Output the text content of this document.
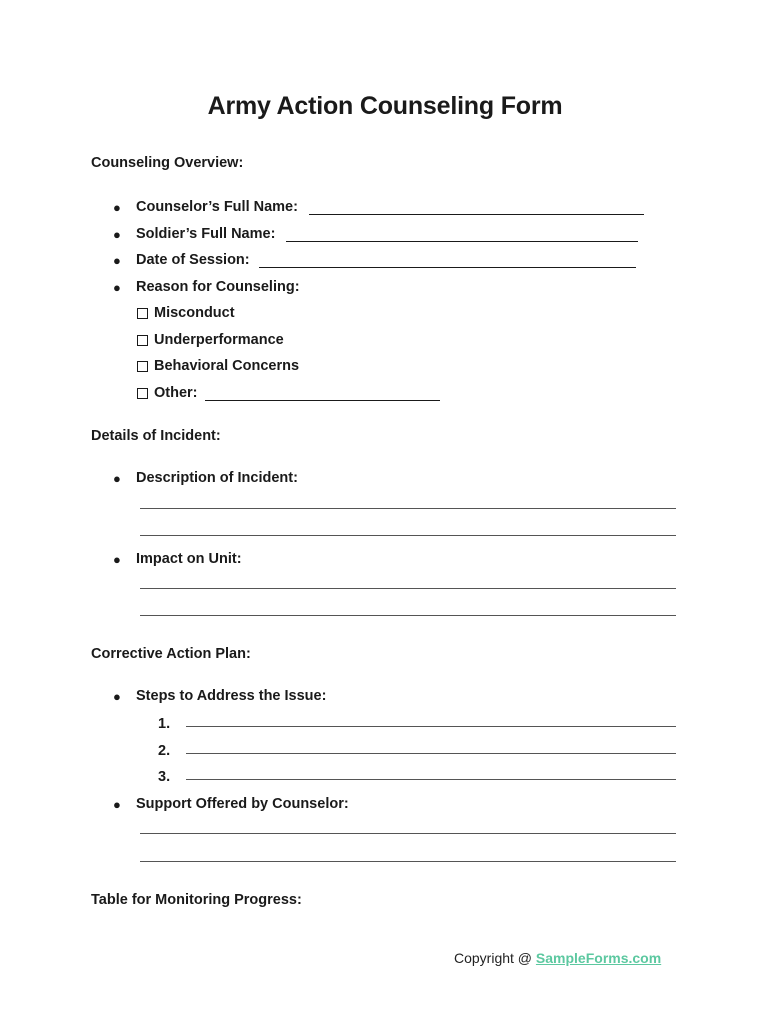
Army Action Counseling Form
Counseling Overview:
● Counselor’s Full Name:
● Soldier’s Full Name:
● Date of Session:
● Reason for Counseling:
Misconduct
Underperformance
Behavioral Concerns
Other:
Details of Incident:
● Description of Incident:
● Impact on Unit:
Corrective Action Plan:
● Steps to Address the Issue:
1.
2.
3.
● Support Offered by Counselor:
Table for Monitoring Progress:
Copyright @ SampleForms.com
